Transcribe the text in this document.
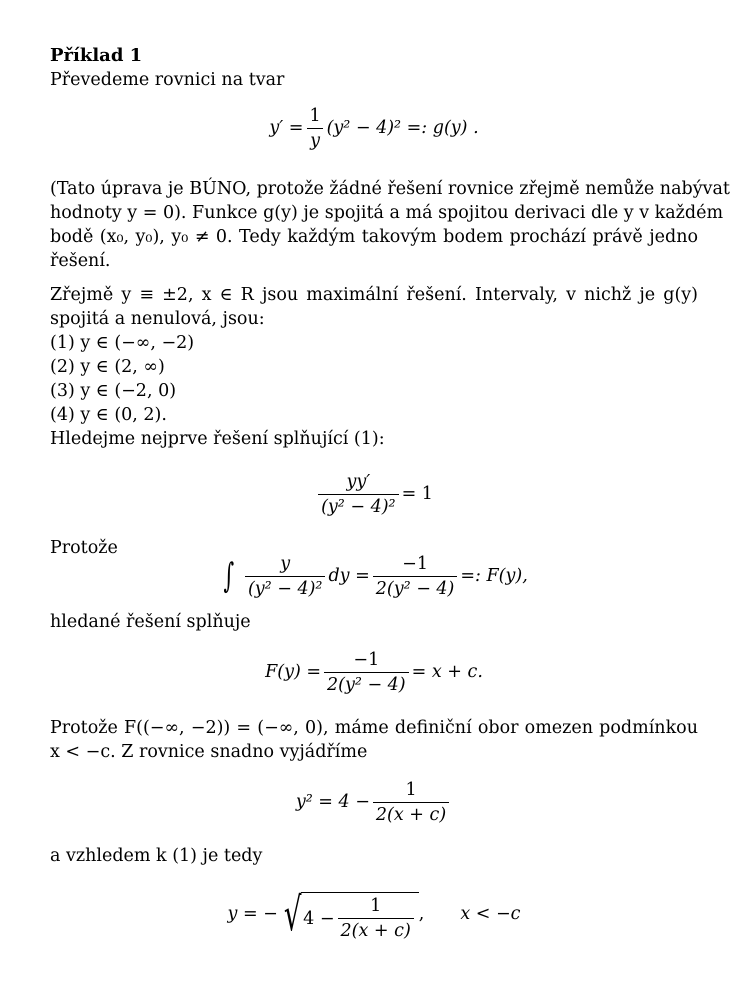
Příklad 1
Převedeme rovnici na tvar
$y' = \frac{1}{y} (y^2 - 4)^2$ =: g(y) .
(Tato úprava je BÚNO, protože žádné řešení rovnice zřejmě nemůže nabývat
hodnoty y = 0). Funkce g(y) je spojitá a má spojitou derivaci dle y v každém
bodě (x₀, y₀), y₀ ≠ 0. Tedy každým takovým bodem prochází právě jedno
řešení.
Zřejmě y ≡ ±2, x ∈ R jsou maximální řešení. Intervaly, v nichž je g(y)
spojitá a nenulová, jsou:
(1) y ∈ (−∞, −2)
(2) y ∈ (2, ∞)
(3) y ∈ (−2, 0)
(4) y ∈ (0, 2).
Hledejme nejprve řešení splňující (1):
$\frac{yy'}{\text{(y² − 4)²}} = 1$
Protože
∫ $\frac{y}{\text{(y² − 4)²}}$ dy = $\frac{-1}{\text{2(y² − 4)}}$ =: F(y),
hledané řešení splňuje
$F(y) = \frac{-1}{\text{2(y² − 4)}} = x + c$.
Protože F((−∞, −2)) = (−∞, 0), máme definiční obor omezen podmínkou
x < −c. Z rovnice snadno vyjádříme
$y^2 = 4 - \frac{1}{2(x + c)}$
a vzhledem k (1) je tedy
y = − √ $4 - \frac{1}{2(x + c)}$ , x < −c
